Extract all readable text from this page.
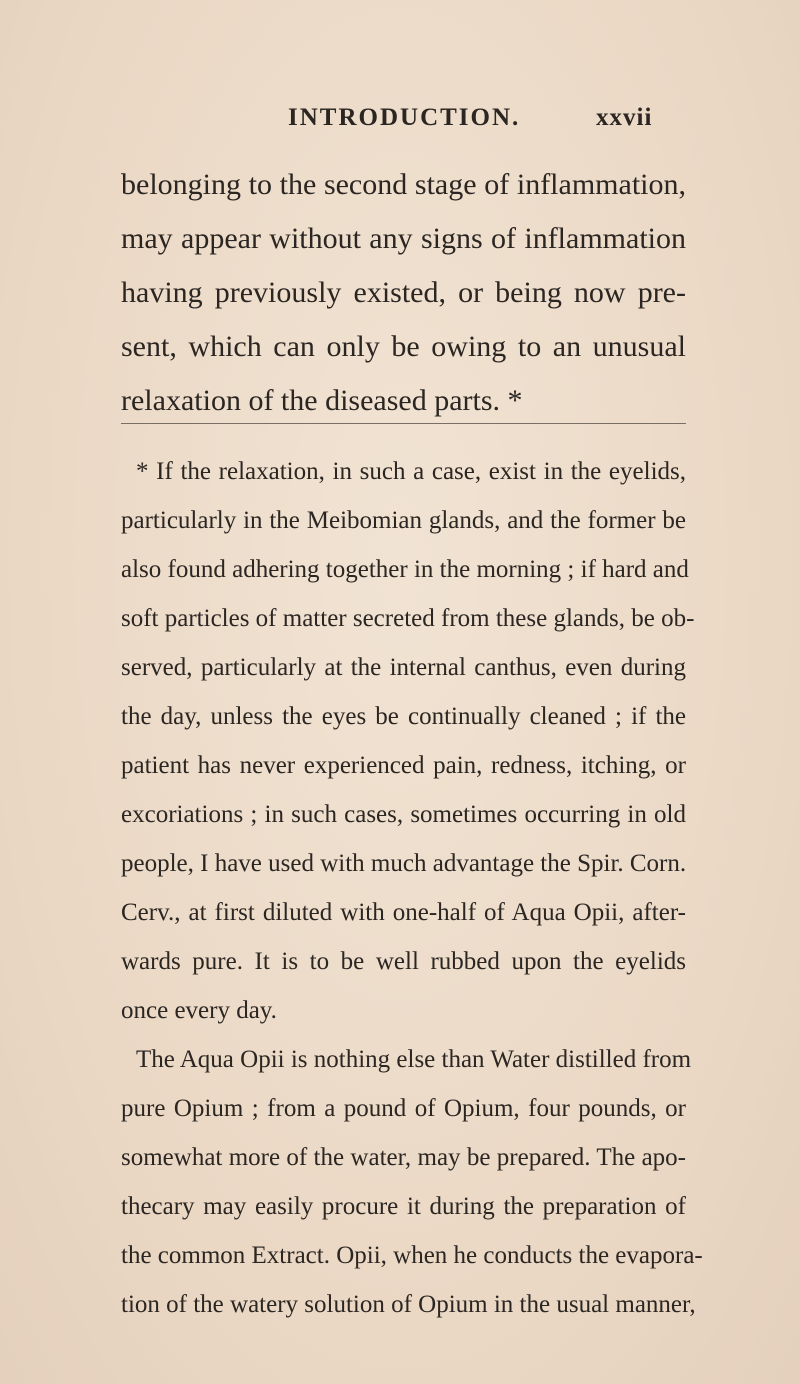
INTRODUCTION.	xxvii
belonging to the second stage of inflammation,
may appear without any signs of inflammation
having previously existed, or being now pre-
sent, which can only be owing to an unusual
relaxation of the diseased parts. *
* If the relaxation, in such a case, exist in the eyelids,
particularly in the Meibomian glands, and the former be
also found adhering together in the morning ; if hard and
soft particles of matter secreted from these glands, be ob-
served, particularly at the internal canthus, even during
the day, unless the eyes be continually cleaned ; if the
patient has never experienced pain, redness, itching, or
excoriations ; in such cases, sometimes occurring in old
people, I have used with much advantage the Spir. Corn.
Cerv., at first diluted with one-half of Aqua Opii, after-
wards pure. It is to be well rubbed upon the eyelids
once every day.
The Aqua Opii is nothing else than Water distilled from
pure Opium ; from a pound of Opium, four pounds, or
somewhat more of the water, may be prepared. The apo-
thecary may easily procure it during the preparation of
the common Extract. Opii, when he conducts the evapora-
tion of the watery solution of Opium in the usual manner,
